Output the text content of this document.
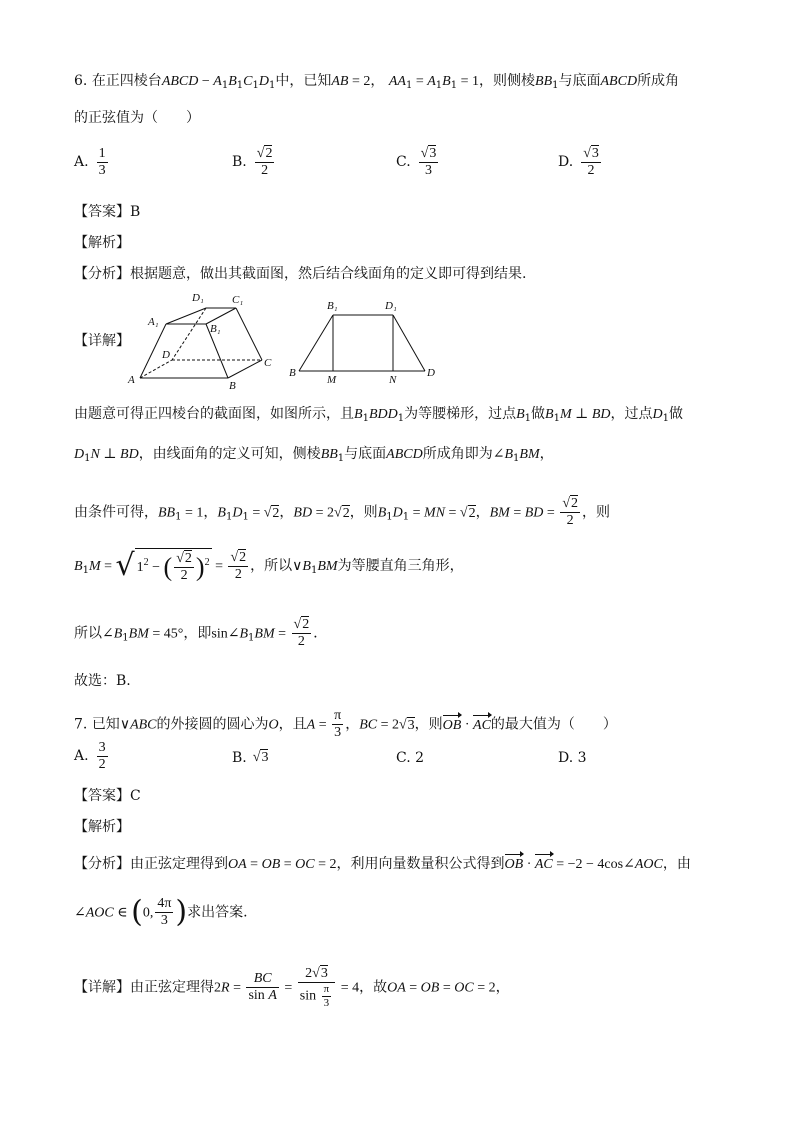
6. 在正四棱台ABCD − $A_1B_1C_1D_1$中，已知AB = 2， $AA_1 = A_1B_1 = 1$，则侧棱$BB_1$与底面ABCD所成角
的正弦值为（　　）
A. $\frac{1}{3}$	B. $\frac{√2}{2}$	C. $\frac{√3}{3}$	D. $\frac{√3}{2}$
【答案】B
【解析】
【分析】根据题意，做出其截面图，然后结合线面角的定义即可得到结果.
【详解】
D₁	C₁
A₁
B₁
D
C
A	B
B₁	D₁
B
M	N
D
由题意可得正四棱台的截面图，如图所示，且$B_1BDD_1$为等腰梯形，过点$B_1$做$B_1M$ ⊥ BD，过点$D_1$做
$D_1N$ ⊥ BD，由线面角的定义可知，侧棱$BB_1$与底面ABCD所成角即为$\angle B_1BM$，
由条件可得，$BB_1 = 1$，$B_1D_1 = √2$，BD = 2√2，则$B_1D_1$ = MN = √2，BM = BD = $\frac{√2}{2}$ ，则
$B_1M$ = √ $1^2$ − ( $\frac{√2}{2} )^2 = \frac{√2}{2}$ ，所以$\vee B_1BM$为等腰直角三角形，
所以$\angle B_1BM = 45^\circ$，即$\sin\angle B_1BM = \frac{√2}{2}$ ．
故选：B.
7. 已知∨ABC的外接圆的圆心为O，且$A = \frac{\pi}{3}$ ，BC = 2√3，则OB · AC的最大值为（　　）
A. $\frac{3}{2}$	B. √3	C. 2	D. 3
【答案】C
【解析】
【分析】由正弦定理得到OA = OB = OC = 2，利用向量数量积公式得到OB · AC = −2 − 4cos∠AOC，由
∠AOC ∈ (0, $\frac{4\pi}{3}$ )求出答案.
【详解】由正弦定理得$2R = \frac{BC}{\text{sin A}} = \frac{2√3}{\sin \frac{\pi}{3}} = 4$，故OA = OB = OC = 2，
